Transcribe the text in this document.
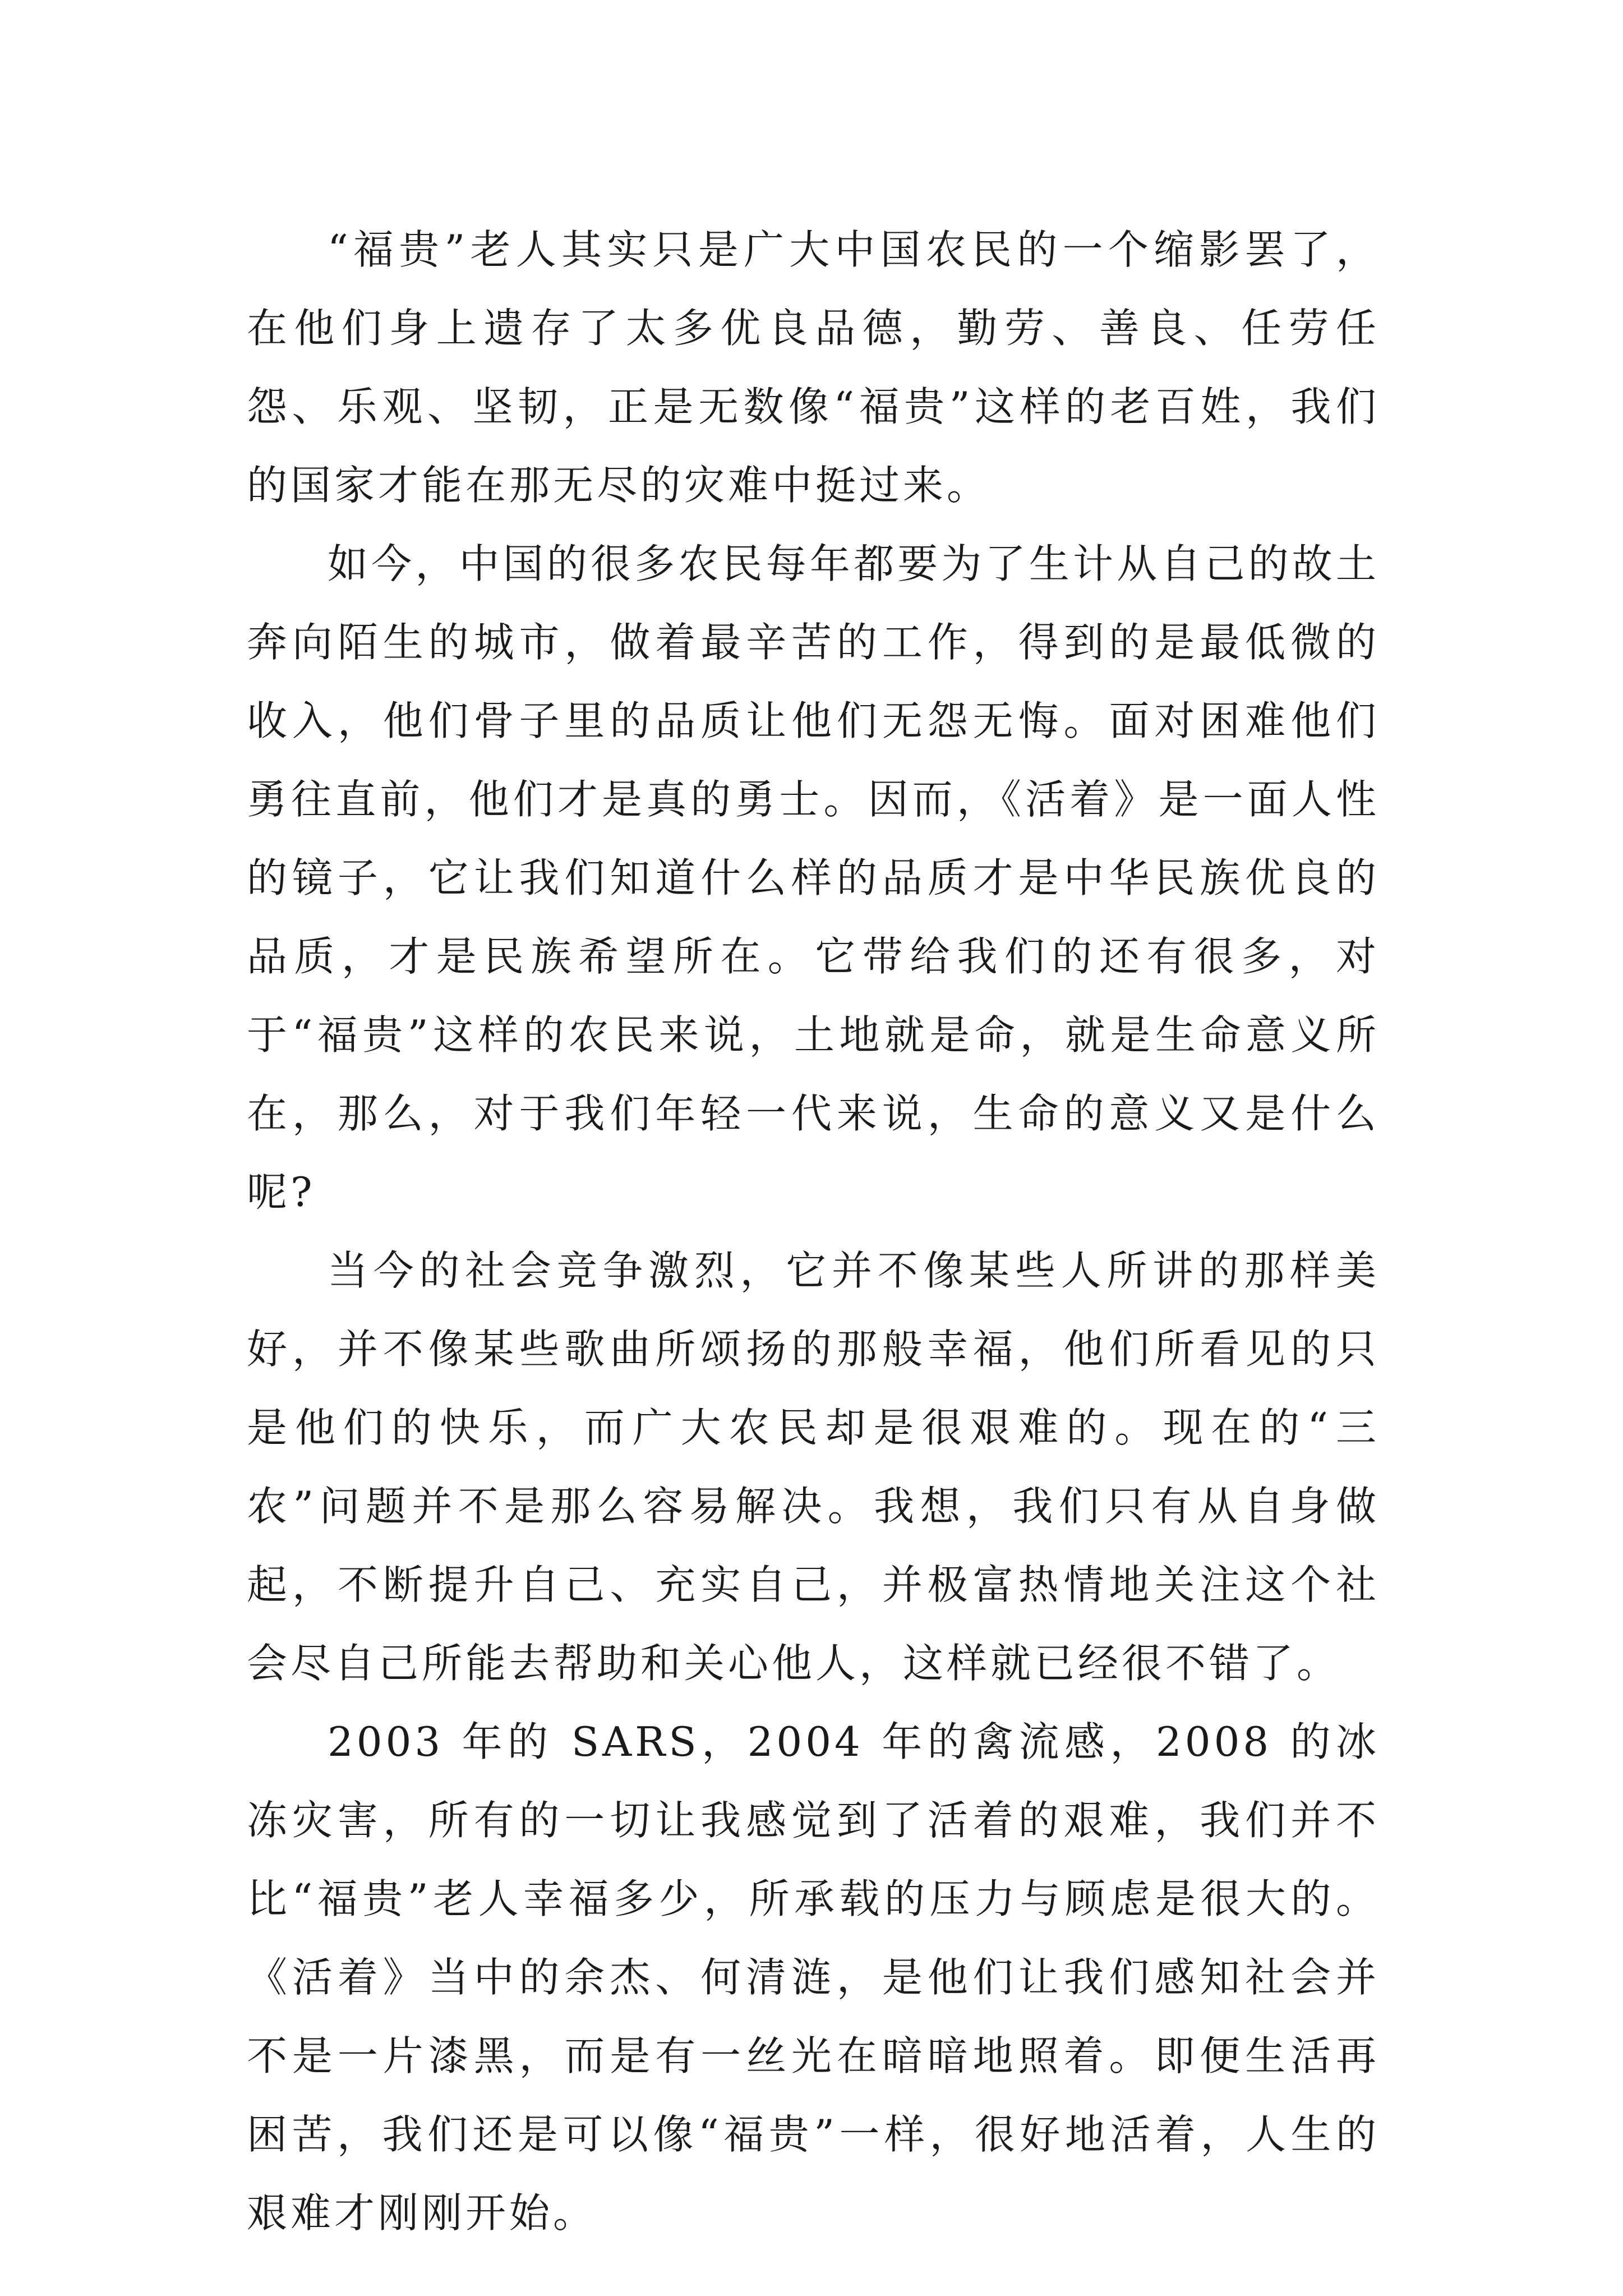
“福贵”老人其实只是广大中国农民的一个缩影罢了，在他们身上遗存了太多优良品德，勤劳、善良、任劳任怨、乐观、坚韧，正是无数像“福贵”这样的老百姓，我们的国家才能在那无尽的灾难中挺过来。

如今，中国的很多农民每年都要为了生计从自己的故土奔向陌生的城市，做着最辛苦的工作，得到的是最低微的收入，他们骨子里的品质让他们无怨无悔。面对困难他们勇往直前，他们才是真的勇士。因而，《活着》是一面人性的镜子，它让我们知道什么样的品质才是中华民族优良的品质，才是民族希望所在。它带给我们的还有很多，对于“福贵”这样的农民来说，土地就是命，就是生命意义所在，那么，对于我们年轻一代来说，生命的意义又是什么呢?

当今的社会竞争激烈，它并不像某些人所讲的那样美好，并不像某些歌曲所颂扬的那般幸福，他们所看见的只是他们的快乐，而广大农民却是很艰难的。现在的“三农”问题并不是那么容易解决。我想，我们只有从自身做起，不断提升自己、充实自己，并极富热情地关注这个社会尽自己所能去帮助和关心他人，这样就已经很不错了。

2003 年的 SARS，2004 年的禽流感，2008 的冰冻灾害，所有的一切让我感觉到了活着的艰难，我们并不比“福贵”老人幸福多少，所承载的压力与顾虑是很大的。《活着》当中的余杰、何清涟，是他们让我们感知社会并不是一片漆黑，而是有一丝光在暗暗地照着。即便生活再困苦，我们还是可以像“福贵”一样，很好地活着，人生的艰难才刚刚开始。
